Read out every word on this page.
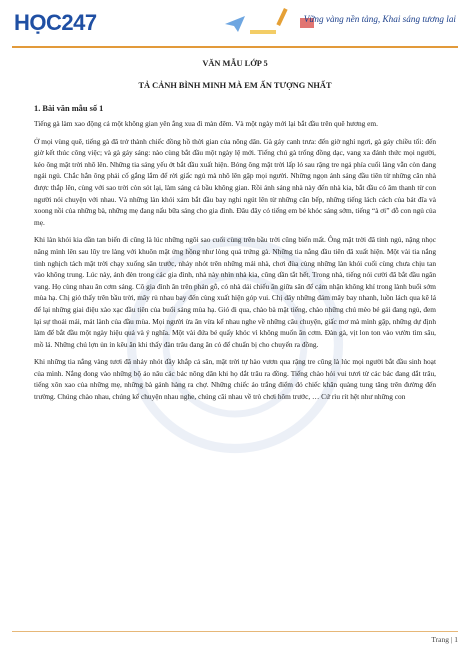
HỌC247	Vững vàng nền tảng, Khai sáng tương lai

VĂN MẪU LỚP 5

TẢ CẢNH BÌNH MINH MÀ EM ẤN TƯỢNG NHẤT

1. Bài văn mẫu số 1

Tiếng gà làm xao động cả một không gian yên ắng xua đi màn đêm. Và một ngày mới lại bắt đầu trên quê hương em.

Ở mọi vùng quê, tiếng gà đã trở thành chiếc đồng hồ thời gian của nông dân. Gà gáy canh trưa: đến giờ nghỉ ngơi, gà gáy chiều tối: đến giờ kết thúc công việc; và gà gáy sáng: nào cùng bắt đầu một ngày lệ mới. Tiếng chú gà trống đồng dạc, vang xa đánh thức mọi người, kéo ông mặt trời nhô lên. Những tia sáng yếu ớt bắt đầu xuất hiện. Bóng ông mặt trời lấp ló sau rặng tre ngả phía cuối làng vẫn còn đang ngái ngủ. Chắc hẳn ông phải cố gắng lắm để rời giấc ngủ mà nhô lên gặp mọi người. Những ngọn ánh sáng đầu tiên từ những căn nhà được thắp lên, cùng với sao trời còn sót lại, làm sáng cả bầu không gian. Rồi ánh sáng nhà này đến nhà kia, bắt đầu có âm thanh từ con người nói chuyện với nhau. Và những làn khói xám bắt đầu bay nghi ngút lên từ những căn bếp, những tiếng lách cách của bát đĩa và xoong nồi của những bà, những mẹ đang nấu bữa sáng cho gia đình. Đâu đây có tiếng em bé khóc sáng sớm, tiếng “à ơi” dỗ con ngủ của mẹ.

Khi làn khói kia dần tan biến đi cũng là lúc những ngôi sao cuối cùng trên bầu trời cũng biến mất. Ông mặt trời đã tỉnh ngủ, nặng nhọc nâng mình lên sau lũy tre làng với khuôn mặt ửng hồng như lòng quả trứng gà. Những tia nắng đầu tiên đã xuất hiện. Một vài tia nắng tinh nghịch tách mặt trời chạy xuống sân trước, nhảy nhót trên những mái nhà, chơi đùa cùng những làn khói cuối cùng chưa chịu tan vào không trung. Lúc này, ánh đèn trong các gia đình, nhà này nhìn nhà kia, cũng dần tắt hết. Trong nhà, tiếng nói cười đã bắt đầu ngân vang. Họ cùng nhau ăn cơm sáng. Cô gia đình ăn trên phản gỗ, có nhà dải chiếu ăn giữa sân để cảm nhận không khí trong lành buổi sớm mùa hạ. Chị giỏ thấy trên bầu trời, mây rủ nhau bay đến cùng xuất hiện góp vui. Chị dây những đám mây bay nhanh, luồn lách qua kẽ lá để lại những giai điệu xào xạc đầu tiên của buổi sáng mùa hạ. Gió đi qua, chào bà mặt tiếng, chào những chú mèo bé gái đang ngủ, đem lại sự thoải mái, mát lành của đầu mùa. Mọi người ừa ăn vừa kể nhau nghe về những câu chuyện, giấc mơ mà mình gặp, những dự định làm để bắt đầu một ngày hiệu quả và ý nghĩa. Một vài đứa bé quấy khóc vì không muốn ăn cơm. Đàn gà, vịt lon ton vào vườn tìm sâu, mồ lá. Những chú lợn ủn ỉn kêu ăn khi thấy đàn trâu đang ăn cỏ để chuẩn bị cho chuyến ra đồng.

Khi những tia nắng vàng tươi đã nhảy nhót đầy khắp cả sân, mặt trời tự hào vươn qua rặng tre cũng là lúc mọi người bắt đầu sinh hoạt của mình. Nắng đong vào những bộ áo nâu các bác nông dân khi họ dắt trâu ra đồng. Tiếng chào hỏi vui tươi từ các bác đang dắt trâu, tiếng xôn xao của những mẹ, những bà gánh hàng ra chợ. Những chiếc áo trắng điểm đó chiếc khăn quàng tung tăng trên đường đến trường. Chúng chào nhau, chúng kể chuyện nhau nghe, chúng cãi nhau về trò chơi hôm trước, … Cứ rìu rít hệt như những con

Trang | 1
